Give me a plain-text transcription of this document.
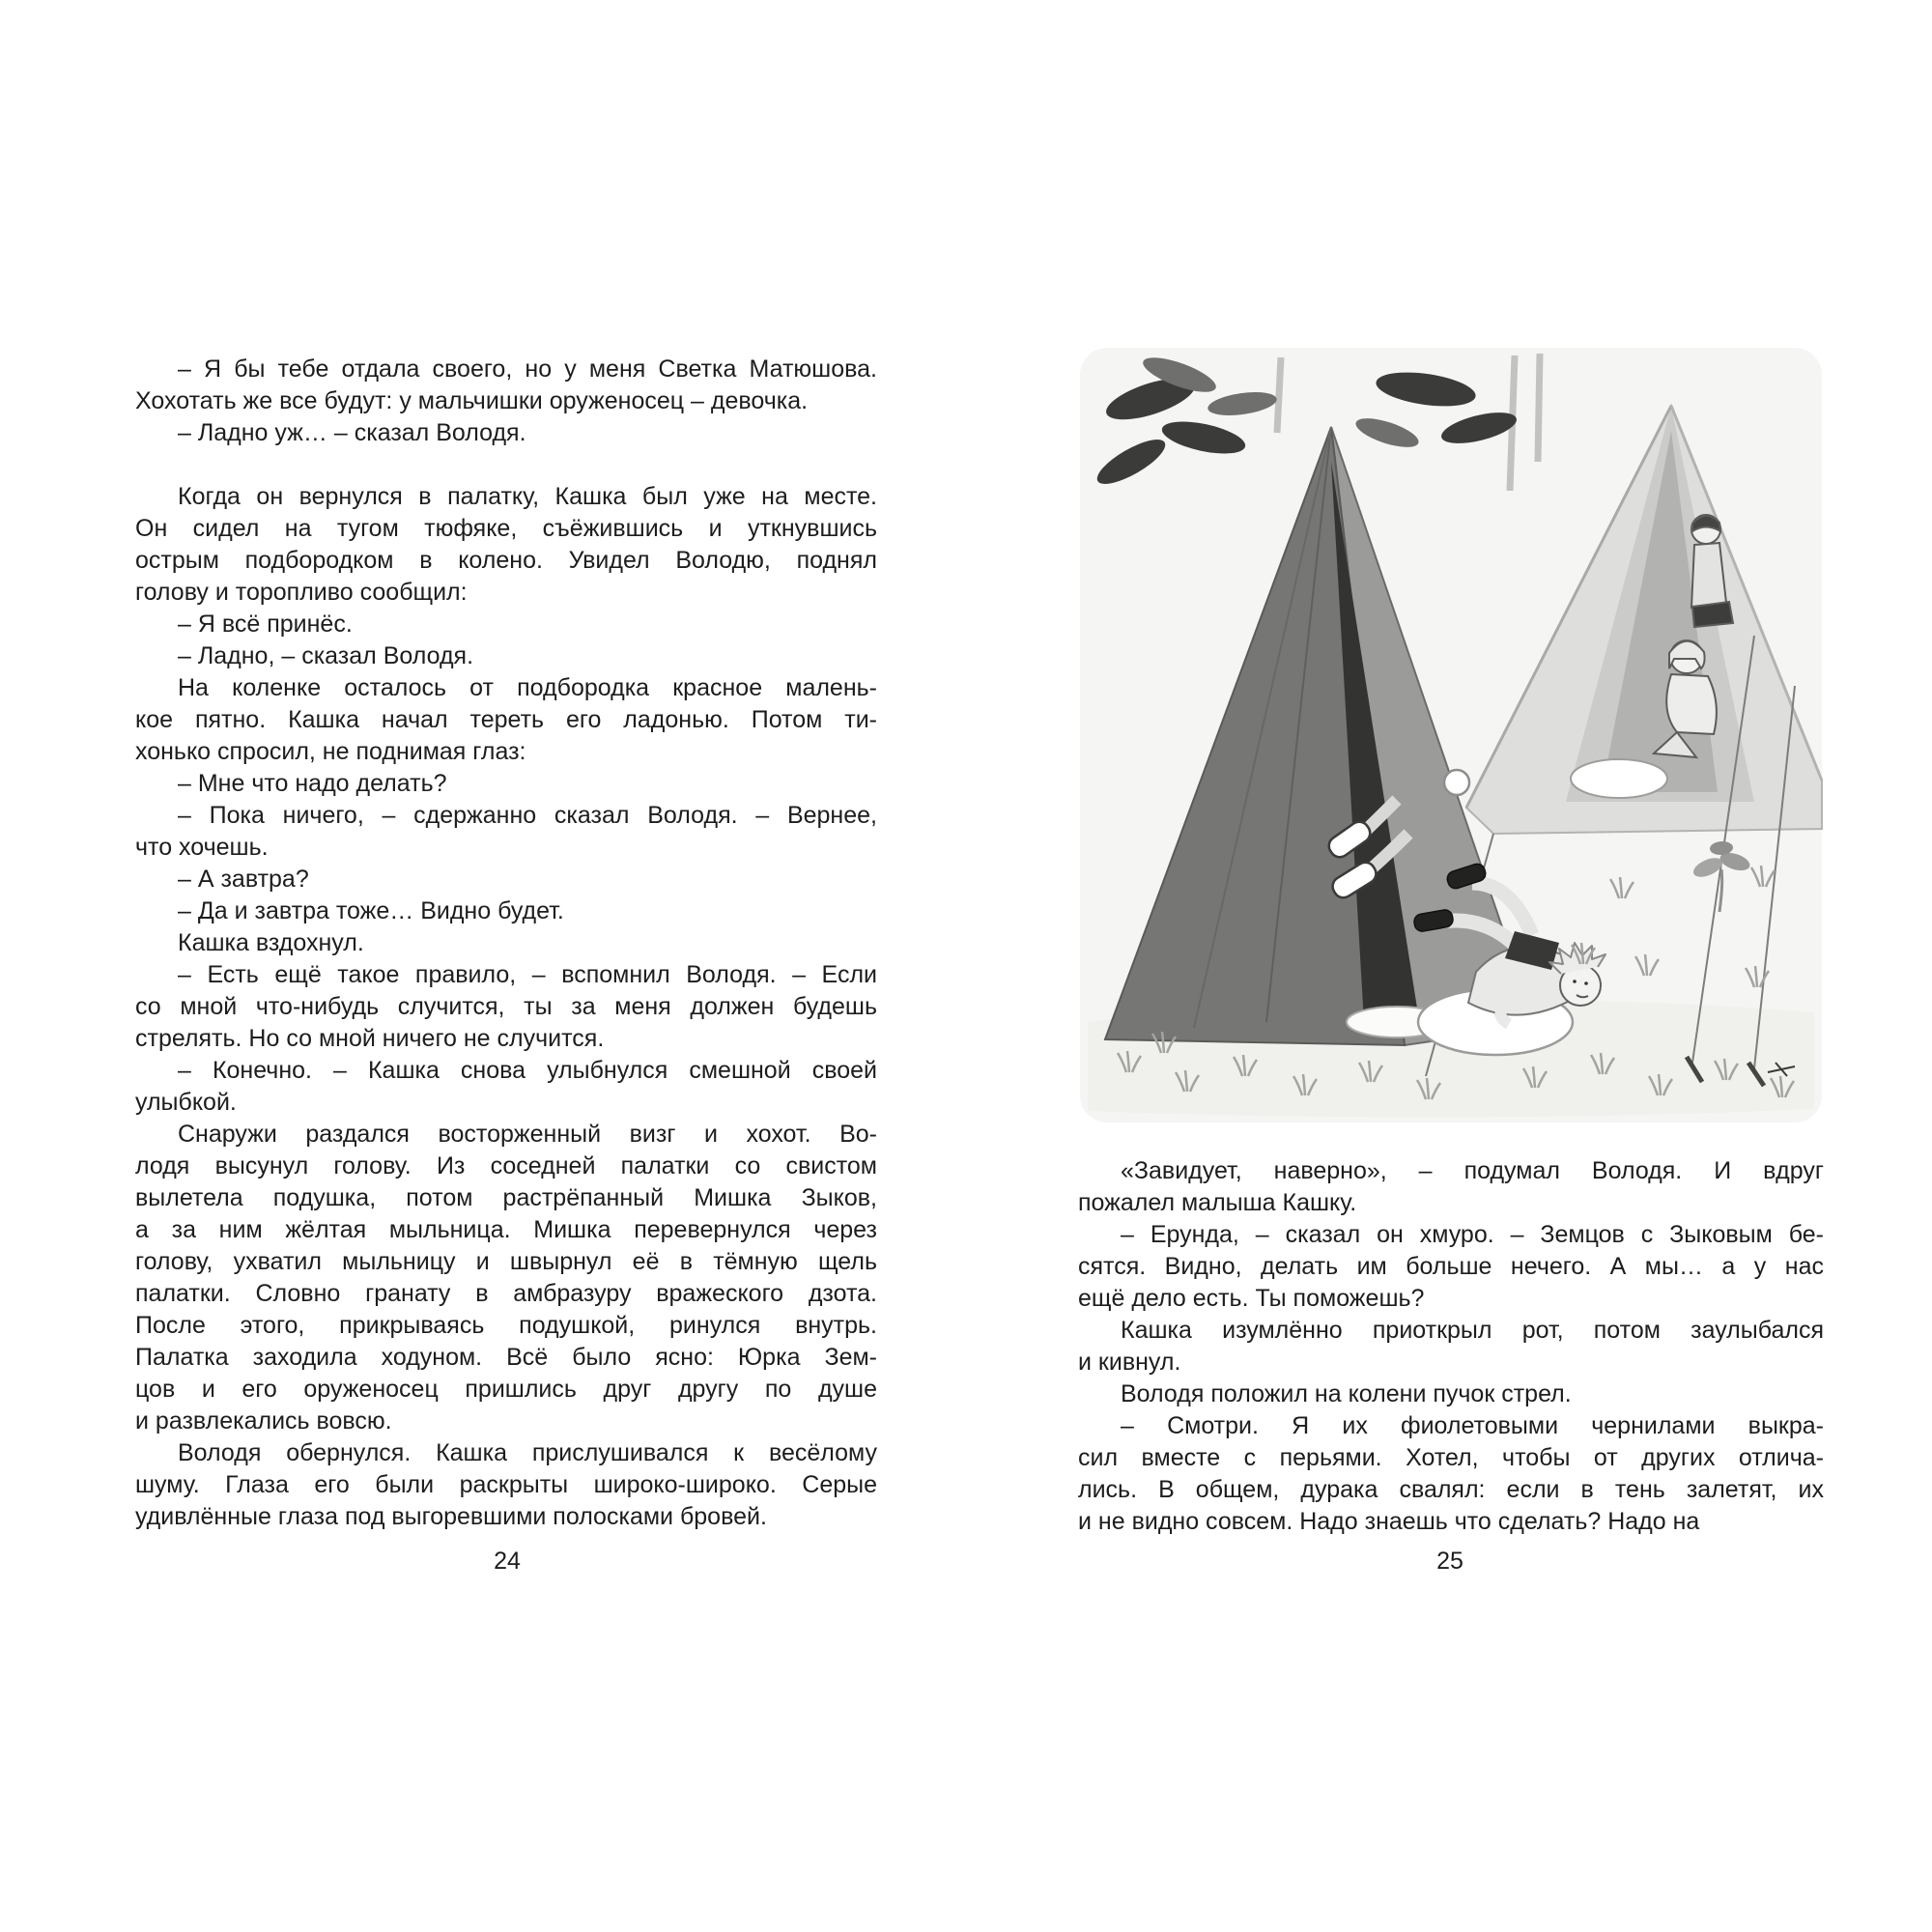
– Я бы тебе отдала своего, но у меня Светка Матюшова.
Хохотать же все будут: у мальчишки оруженосец – девочка.
– Ладно уж… – сказал Володя.
Когда он вернулся в палатку, Кашка был уже на месте.
Он сидел на тугом тюфяке, съёжившись и уткнувшись
острым подбородком в колено. Увидел Володю, поднял
голову и торопливо сообщил:
– Я всё принёс.
– Ладно, – сказал Володя.
На коленке осталось от подбородка красное малень-
кое пятно. Кашка начал тереть его ладонью. Потом ти-
хонько спросил, не поднимая глаз:
– Мне что надо делать?
– Пока ничего, – сдержанно сказал Володя. – Вернее,
что хочешь.
– А завтра?
– Да и завтра тоже… Видно будет.
Кашка вздохнул.
– Есть ещё такое правило, – вспомнил Володя. – Если
со мной что-нибудь случится, ты за меня должен будешь
стрелять. Но со мной ничего не случится.
– Конечно. – Кашка снова улыбнулся смешной своей
улыбкой.
Снаружи раздался восторженный визг и хохот. Во-
лодя высунул голову. Из соседней палатки со свистом
вылетела подушка, потом растрёпанный Мишка Зыков,
а за ним жёлтая мыльница. Мишка перевернулся через
голову, ухватил мыльницу и швырнул её в тёмную щель
палатки. Словно гранату в амбразуру вражеского дзота.
После этого, прикрываясь подушкой, ринулся внутрь.
Палатка заходила ходуном. Всё было ясно: Юрка Зем-
цов и его оруженосец пришлись друг другу по душе
и развлекались вовсю.
Володя обернулся. Кашка прислушивался к весёлому
шуму. Глаза его были раскрыты широко-широко. Серые
удивлённые глаза под выгоревшими полосками бровей.
24
«Завидует, наверно», – подумал Володя. И вдруг
пожалел малыша Кашку.
– Ерунда, – сказал он хмуро. – Земцов с Зыковым бе-
сятся. Видно, делать им больше нечего. А мы… а у нас
ещё дело есть. Ты поможешь?
Кашка изумлённо приоткрыл рот, потом заулыбался
и кивнул.
Володя положил на колени пучок стрел.
– Смотри. Я их фиолетовыми чернилами выкра-
сил вместе с перьями. Хотел, чтобы от других отлича-
лись. В общем, дурака свалял: если в тень залетят, их
и не видно совсем. Надо знаешь что сделать? Надо на
25
